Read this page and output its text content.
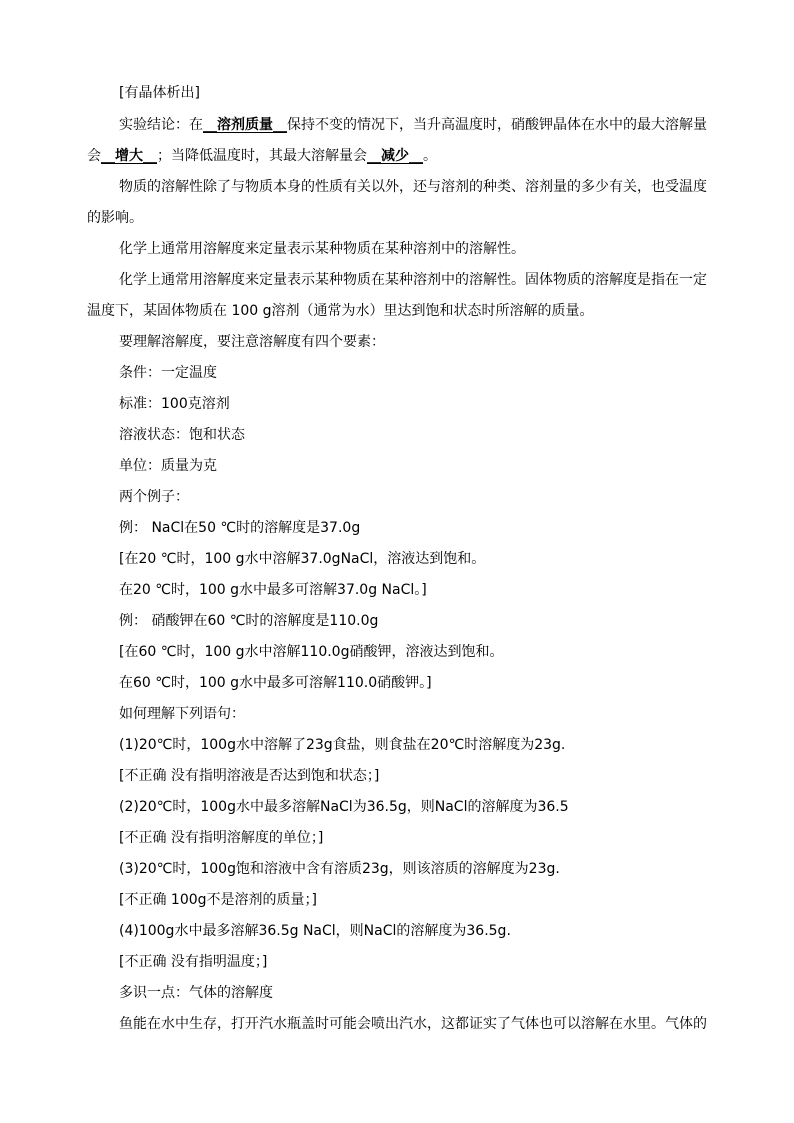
[有晶体析出]
实验结论：在__溶剂质量__保持不变的情况下，当升高温度时，硝酸钾晶体在水中的最大溶解量
会__增大__；当降低温度时，其最大溶解量会__减少__。
物质的溶解性除了与物质本身的性质有关以外，还与溶剂的种类、溶剂量的多少有关，也受温度
的影响。
化学上通常用溶解度来定量表示某种物质在某种溶剂中的溶解性。
化学上通常用溶解度来定量表示某种物质在某种溶剂中的溶解性。固体物质的溶解度是指在一定
温度下，某固体物质在 100 g溶剂（通常为水）里达到饱和状态时所溶解的质量。
要理解溶解度，要注意溶解度有四个要素：
条件：一定温度
标准：100克溶剂
溶液状态：饱和状态
单位：质量为克
两个例子：
例： NaCl在50 ℃时的溶解度是37.0g
[在20 ℃时，100 g水中溶解37.0gNaCl，溶液达到饱和。
在20 ℃时，100 g水中最多可溶解37.0g NaCl。]
例： 硝酸钾在60 ℃时的溶解度是110.0g
[在60 ℃时，100 g水中溶解110.0g硝酸钾，溶液达到饱和。
在60 ℃时，100 g水中最多可溶解110.0硝酸钾。]
如何理解下列语句：
(1)20℃时，100g水中溶解了23g食盐，则食盐在20℃时溶解度为23g.
[不正确 没有指明溶液是否达到饱和状态；]
(2)20℃时，100g水中最多溶解NaCl为36.5g，则NaCl的溶解度为36.5
[不正确 没有指明溶解度的单位；]
(3)20℃时，100g饱和溶液中含有溶质23g，则该溶质的溶解度为23g.
[不正确 100g不是溶剂的质量；]
(4)100g水中最多溶解36.5g NaCl，则NaCl的溶解度为36.5g.
[不正确 没有指明温度；]
多识一点：气体的溶解度
鱼能在水中生存，打开汽水瓶盖时可能会喷出汽水，这都证实了气体也可以溶解在水里。气体的
